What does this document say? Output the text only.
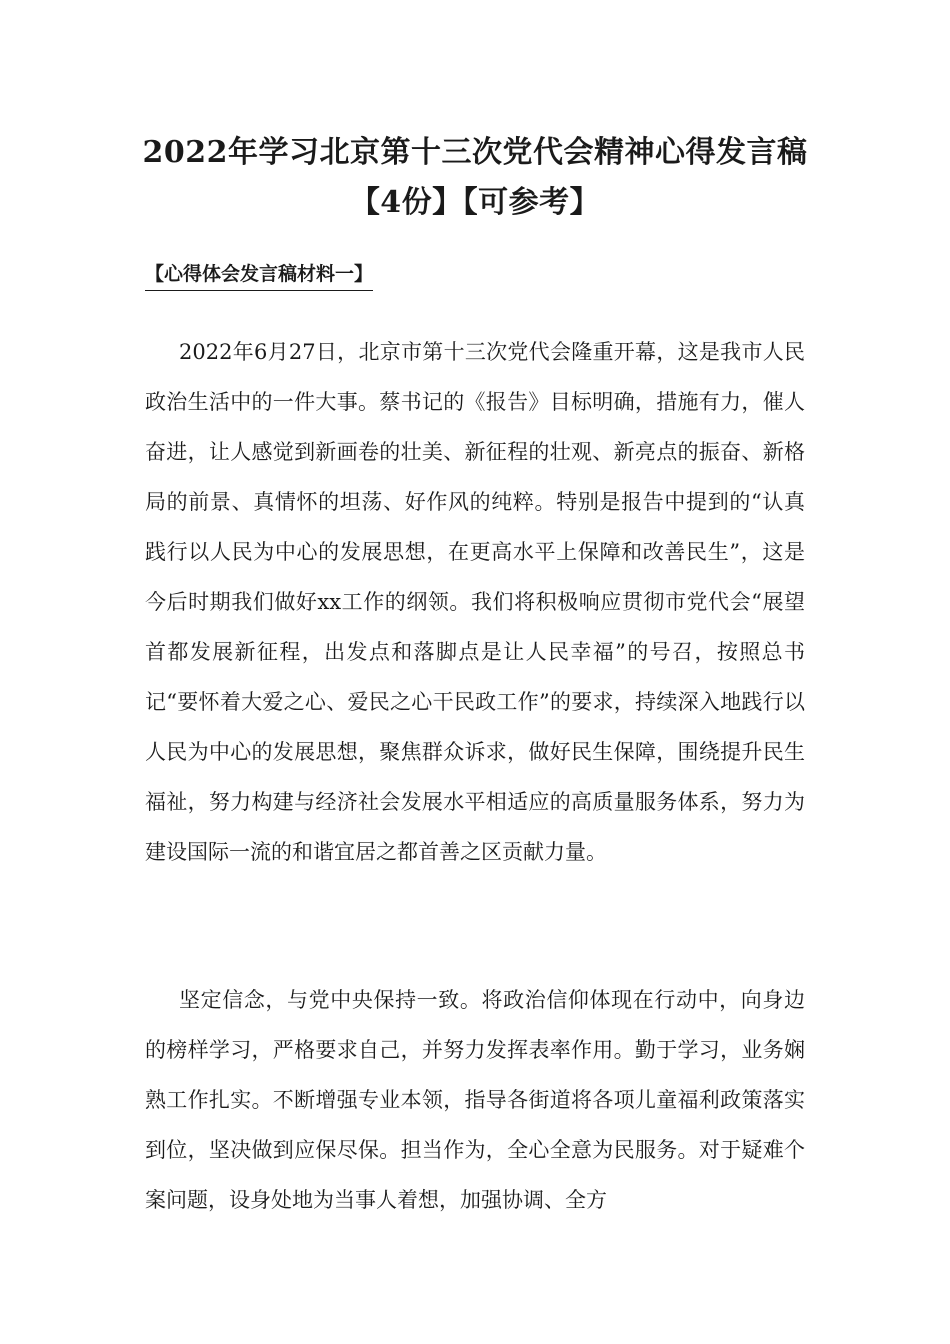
2022年学习北京第十三次党代会精神心得发言稿【4份】【可参考】
【心得体会发言稿材料一】

2022年6月27日，北京市第十三次党代会隆重开幕，这是我市人民政治生活中的一件大事。蔡书记的《报告》目标明确，措施有力，催人奋进，让人感觉到新画卷的壮美、新征程的壮观、新亮点的振奋、新格局的前景、真情怀的坦荡、好作风的纯粹。特别是报告中提到的“认真践行以人民为中心的发展思想，在更高水平上保障和改善民生”，这是今后时期我们做好xx工作的纲领。我们将积极响应贯彻市党代会“展望首都发展新征程，出发点和落脚点是让人民幸福”的号召，按照总书记“要怀着大爱之心、爱民之心干民政工作”的要求，持续深入地践行以人民为中心的发展思想，聚焦群众诉求，做好民生保障，围绕提升民生福祉，努力构建与经济社会发展水平相适应的高质量服务体系，努力为建设国际一流的和谐宜居之都首善之区贡献力量。

坚定信念，与党中央保持一致。将政治信仰体现在行动中，向身边的榜样学习，严格要求自己，并努力发挥表率作用。勤于学习，业务娴熟工作扎实。不断增强专业本领，指导各街道将各项儿童福利政策落实到位，坚决做到应保尽保。担当作为，全心全意为民服务。对于疑难个案问题，设身处地为当事人着想，加强协调、全方
